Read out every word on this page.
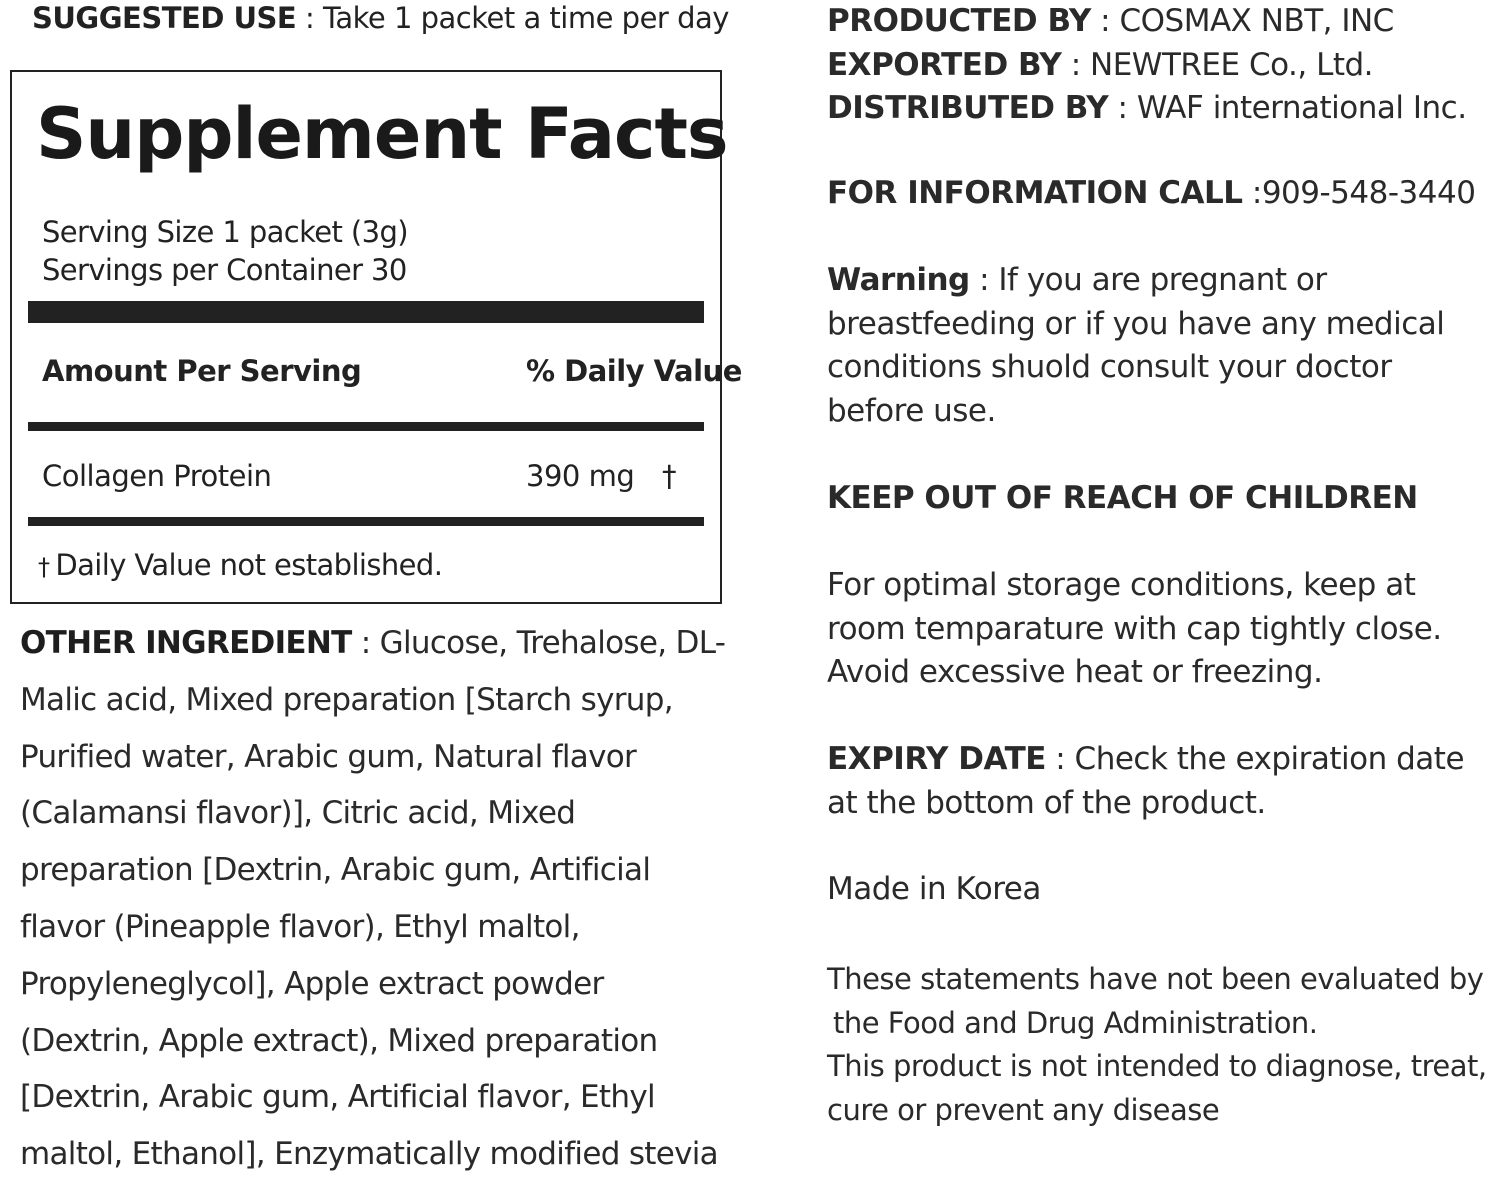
SUGGESTED USE : Take 1 packet a time per day
Supplement Facts
Serving Size 1 packet (3g)
Servings per Container 30
Amount Per Serving	% Daily Value
Collagen Protein	390 mg †
† Daily Value not established.
OTHER INGREDIENT : Glucose, Trehalose, DL-Malic acid, Mixed preparation [Starch syrup, Purified water, Arabic gum, Natural flavor (Calamansi flavor)], Citric acid, Mixed preparation [Dextrin, Arabic gum, Artificial flavor (Pineapple flavor), Ethyl maltol, Propyleneglycol], Apple extract powder (Dextrin, Apple extract), Mixed preparation [Dextrin, Arabic gum, Artificial flavor, Ethyl maltol, Ethanol], Enzymatically modified stevia
PRODUCTED BY : COSMAX NBT, INC
EXPORTED BY : NEWTREE Co., Ltd.
DISTRIBUTED BY : WAF international Inc.
FOR INFORMATION CALL :909-548-3440
Warning : If you are pregnant or breastfeeding or if you have any medical conditions shuold consult your doctor before use.
KEEP OUT OF REACH OF CHILDREN
For optimal storage conditions, keep at room temparature with cap tightly close. Avoid excessive heat or freezing.
EXPIRY DATE : Check the expiration date at the bottom of the product.
Made in Korea
These statements have not been evaluated by
the Food and Drug Administration.
This product is not intended to diagnose, treat,
cure or prevent any disease
